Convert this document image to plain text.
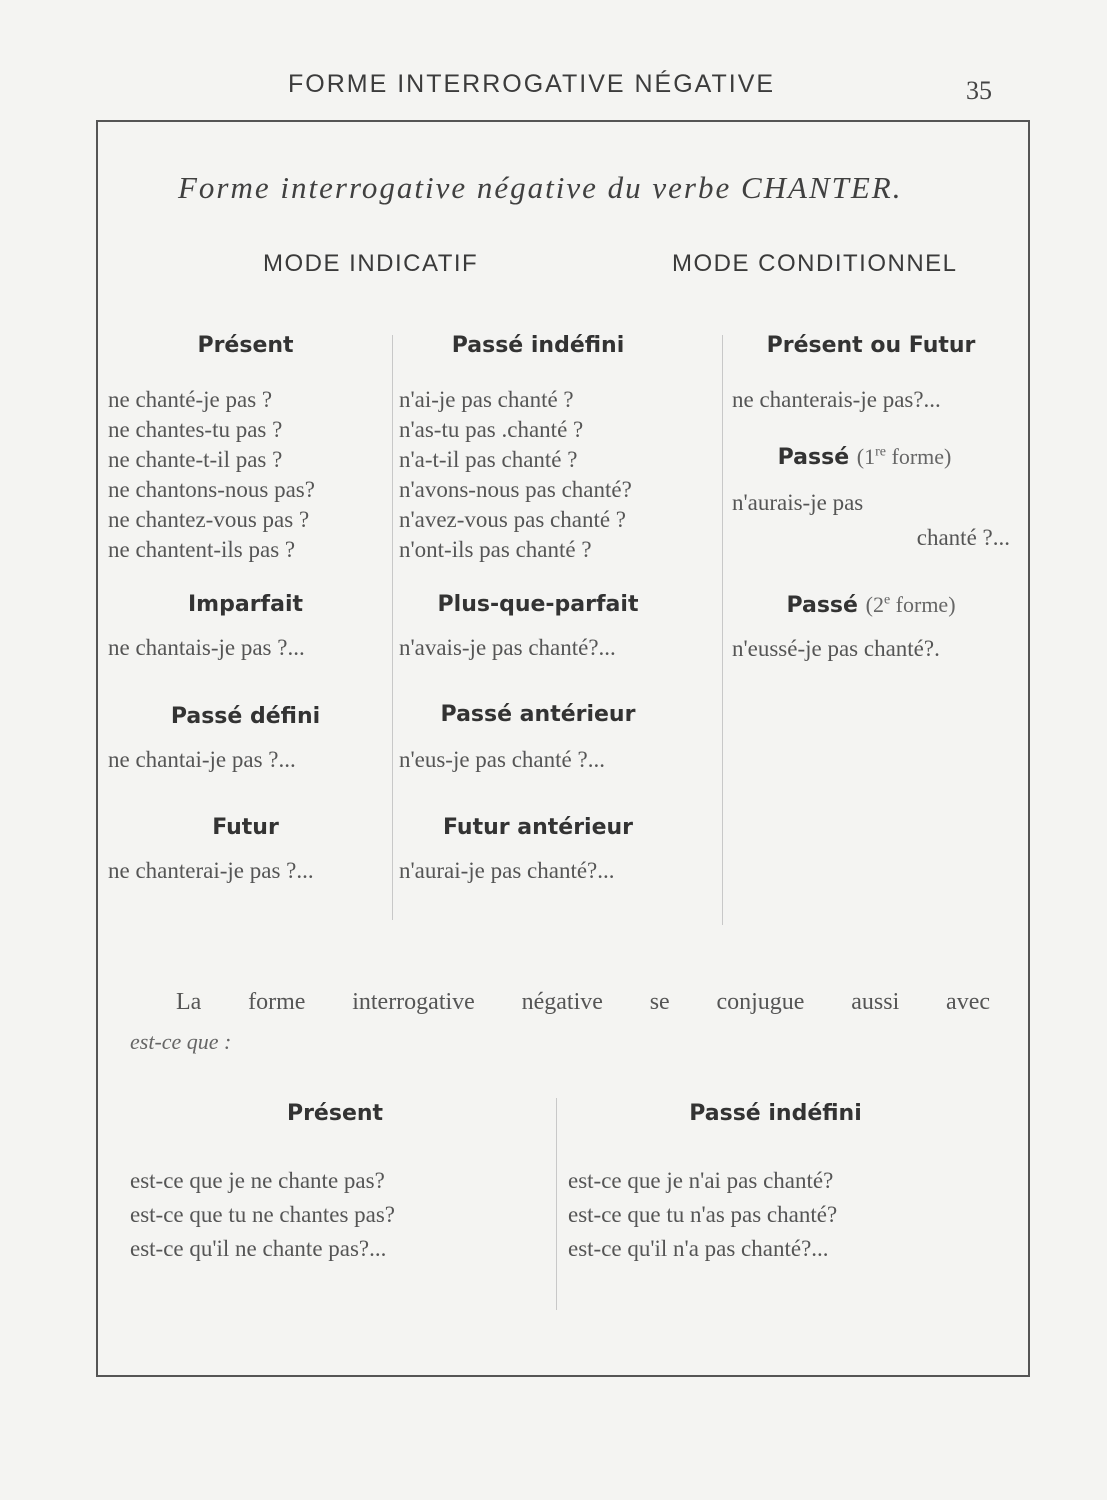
FORME INTERROGATIVE NÉGATIVE	35
Forme interrogative négative du verbe CHANTER.
MODE INDICATIF	MODE CONDITIONNEL
Présent
ne chanté-je pas ?
ne chantes-tu pas ?
ne chante-t-il pas ?
ne chantons-nous pas?
ne chantez-vous pas ?
ne chantent-ils pas ?
Imparfait
ne chantais-je pas ?...
Passé défini
ne chantai-je pas ?...
Futur
ne chanterai-je pas ?...
Passé indéfini
n'ai-je pas chanté ?
n'as-tu pas .chanté ?
n'a-t-il pas chanté ?
n'avons-nous pas chanté?
n'avez-vous pas chanté ?
n'ont-ils pas chanté ?
Plus-que-parfait
n'avais-je pas chanté?...
Passé antérieur
n'eus-je pas chanté ?...
Futur antérieur
n'aurai-je pas chanté?...
Présent ou Futur
ne chanterais-je pas?...
Passé (1re forme)
n'aurais-je pas
chanté ?...
Passé (2e forme)
n'eussé-je pas chanté?.
La forme interrogative négative se conjugue aussi avec
est-ce que :
Présent
est-ce que je ne chante pas?
est-ce que tu ne chantes pas?
est-ce qu'il ne chante pas?...
Passé indéfini
est-ce que je n'ai pas chanté?
est-ce que tu n'as pas chanté?
est-ce qu'il n'a pas chanté?...
